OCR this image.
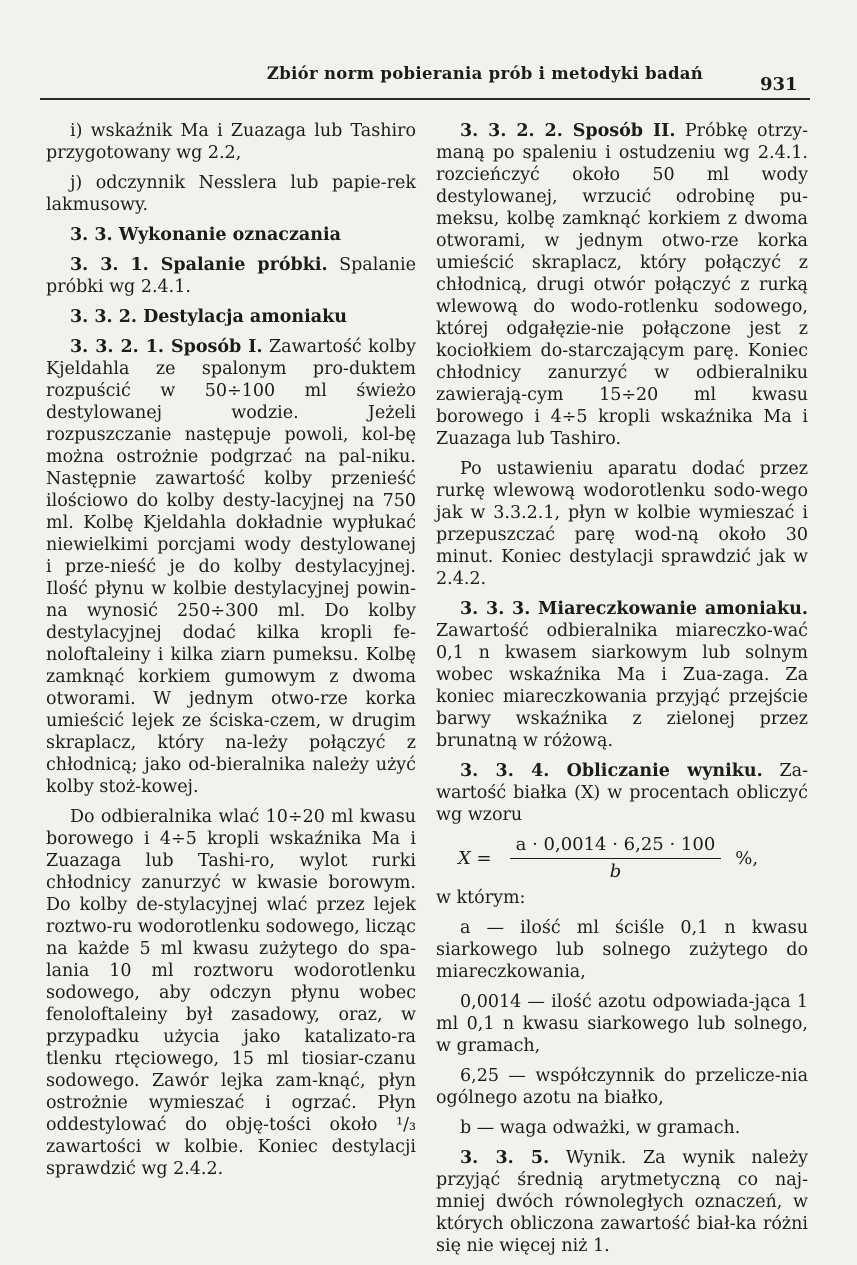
Zbiór norm pobierania prób i metodyki badań
931

i) wskaźnik Ma i Zuazaga lub Tashiro przygotowany wg 2.2,

j) odczynnik Nesslera lub papie-rek lakmusowy.

3. 3. Wykonanie oznaczania

3. 3. 1. Spalanie próbki. Spalanie próbki wg 2.4.1.

3. 3. 2. Destylacja amoniaku

3. 3. 2. 1. Sposób I. Zawartość kolby Kjeldahla ze spalonym pro-duktem rozpuścić w 50÷100 ml świeżo destylowanej wodzie. Jeżeli rozpuszczanie następuje powoli, kol-bę można ostrożnie podgrzać na pal-niku. Następnie zawartość kolby przenieść ilościowo do kolby desty-lacyjnej na 750 ml. Kolbę Kjeldahla dokładnie wypłukać niewielkimi porcjami wody destylowanej i prze-nieść je do kolby destylacyjnej. Ilość płynu w kolbie destylacyjnej powin-na wynosić 250÷300 ml. Do kolby destylacyjnej dodać kilka kropli fe-noloftaleiny i kilka ziarn pumeksu. Kolbę zamknąć korkiem gumowym z dwoma otworami. W jednym otwo-rze korka umieścić lejek ze ściska-czem, w drugim skraplacz, który na-leży połączyć z chłodnicą; jako od-bieralnika należy użyć kolby stoż-kowej.

Do odbieralnika wlać 10÷20 ml kwasu borowego i 4÷5 kropli wskaźnika Ma i Zuazaga lub Tashi-ro, wylot rurki chłodnicy zanurzyć w kwasie borowym. Do kolby de-stylacyjnej wlać przez lejek roztwo-ru wodorotlenku sodowego, licząc na każde 5 ml kwasu zużytego do spa-lania 10 ml roztworu wodorotlenku sodowego, aby odczyn płynu wobec fenoloftaleiny był zasadowy, oraz, w przypadku użycia jako katalizato-ra tlenku rtęciowego, 15 ml tiosiar-czanu sodowego. Zawór lejka zam-knąć, płyn ostrożnie wymieszać i ogrzać. Płyn oddestylować do obję-tości około ¹/₃ zawartości w kolbie. Koniec destylacji sprawdzić wg 2.4.2.

3. 3. 2. 2. Sposób II. Próbkę otrzy-maną po spaleniu i ostudzeniu wg 2.4.1. rozcieńczyć około 50 ml wody destylowanej, wrzucić odrobinę pu-meksu, kolbę zamknąć korkiem z dwoma otworami, w jednym otwo-rze korka umieścić skraplacz, który połączyć z chłodnicą, drugi otwór połączyć z rurką wlewową do wodo-rotlenku sodowego, której odgałęzie-nie połączone jest z kociołkiem do-starczającym parę. Koniec chłodnicy zanurzyć w odbieralniku zawierają-cym 15÷20 ml kwasu borowego i 4÷5 kropli wskaźnika Ma i Zuazaga lub Tashiro.

Po ustawieniu aparatu dodać przez rurkę wlewową wodorotlenku sodo-wego jak w 3.3.2.1, płyn w kolbie wymieszać i przepuszczać parę wod-ną około 30 minut. Koniec destylacji sprawdzić jak w 2.4.2.

3. 3. 3. Miareczkowanie amoniaku. Zawartość odbieralnika miareczko-wać 0,1 n kwasem siarkowym lub solnym wobec wskaźnika Ma i Zua-zaga. Za koniec miareczkowania przyjąć przejście barwy wskaźnika z zielonej przez brunatną w różową.

3. 3. 4. Obliczanie wyniku. Za-wartość białka (X) w procentach obliczyć wg wzoru

$X = \frac{a \cdot 0,0014 \cdot 6,25 \cdot 100}{b}$ %,

w którym:

a — ilość ml ściśle 0,1 n kwasu siarkowego lub solnego zużytego do miareczkowania,

0,0014 — ilość azotu odpowiada-jąca 1 ml 0,1 n kwasu siarkowego lub solnego, w gramach,

6,25 — współczynnik do przelicze-nia ogólnego azotu na białko,

b — waga odważki, w gramach.

3. 3. 5. Wynik. Za wynik należy przyjąć średnią arytmetyczną co naj-mniej dwóch równoległych oznaczeń, w których obliczona zawartość biał-ka różni się nie więcej niż 1.
